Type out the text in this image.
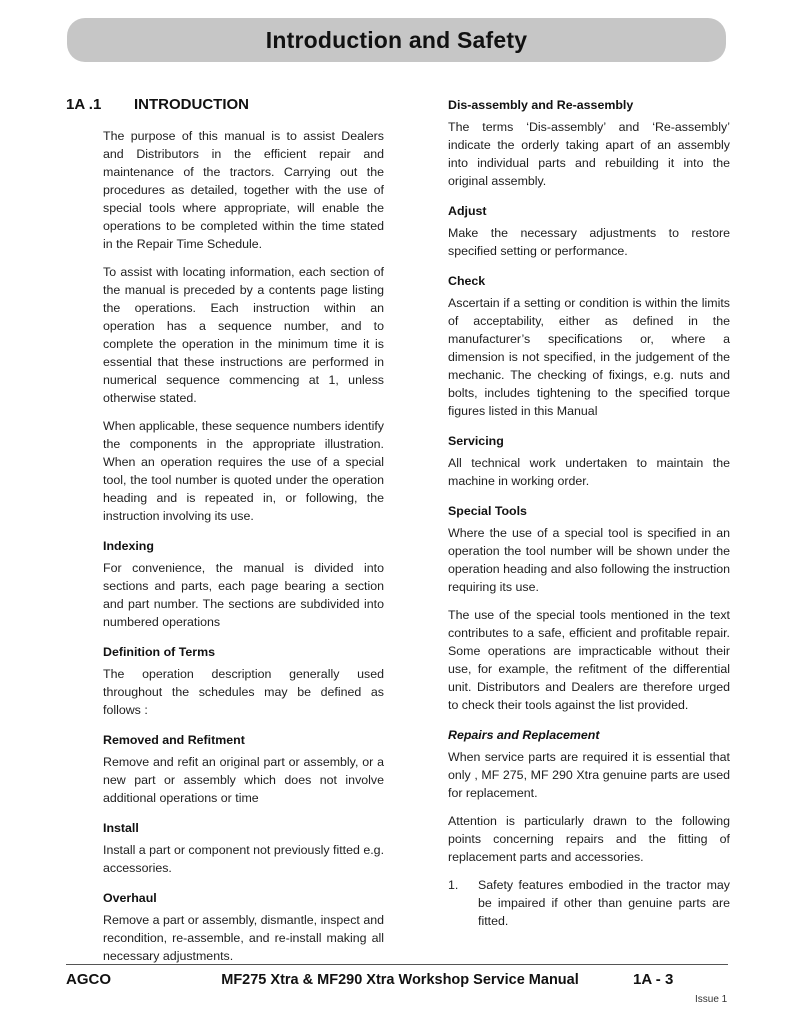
Introduction and Safety
1A .1	INTRODUCTION

The purpose of this manual is to assist Dealers and Distributors in the efficient repair and maintenance of the tractors. Carrying out the procedures as detailed, together with the use of special tools where appropriate, will enable the operations to be completed within the time stated in the Repair Time Schedule.

To assist with locating information, each section of the manual is preceded by a contents page listing the operations. Each instruction within an operation has a sequence number, and to complete the operation in the minimum time it is essential that these instructions are performed in numerical sequence commencing at 1, unless otherwise stated.

When applicable, these sequence numbers identify the components in the appropriate illustration. When an operation requires the use of a special tool, the tool number is quoted under the operation heading and is repeated in, or following, the instruction involving its use.

Indexing

For convenience, the manual is divided into sections and parts, each page bearing a section and part number. The sections are subdivided into numbered operations

Definition of Terms

The operation description generally used throughout the schedules may be defined as follows :

Removed and Refitment

Remove and refit an original part or assembly, or a new part or assembly which does not involve additional operations or time

Install

Install a part or component not previously fitted e.g. accessories.

Overhaul

Remove a part or assembly, dismantle, inspect and recondition, re-assemble, and re-install making all necessary adjustments.

Dis-assembly and Re-assembly

The terms ‘Dis-assembly’ and ‘Re-assembly’ indicate the orderly taking apart of an assembly into individual parts and rebuilding it into the original assembly.

Adjust

Make the necessary adjustments to restore specified setting or performance.

Check

Ascertain if a setting or condition is within the limits of acceptability, either as defined in the manufacturer’s specifications or, where a dimension is not specified, in the judgement of the mechanic. The checking of fixings, e.g. nuts and bolts, includes tightening to the specified torque figures listed in this Manual

Servicing

All technical work undertaken to maintain the machine in working order.

Special Tools

Where the use of a special tool is specified in an operation the tool number will be shown under the operation heading and also following the instruction requiring its use.

The use of the special tools mentioned in the text contributes to a safe, efficient and profitable repair. Some operations are impracticable without their use, for example, the refitment of the differential unit. Distributors and Dealers are therefore urged to check their tools against the list provided.

Repairs and Replacement

When service parts are required it is essential that only , MF 275, MF 290 Xtra genuine parts are used for replacement.

Attention is particularly drawn to the following points concerning repairs and the fitting of replacement parts and accessories.

1.	Safety features embodied in the tractor may be impaired if other than genuine parts are fitted.
AGCO	MF275 Xtra & MF290 Xtra Workshop Service Manual	1A - 3
Issue 1
